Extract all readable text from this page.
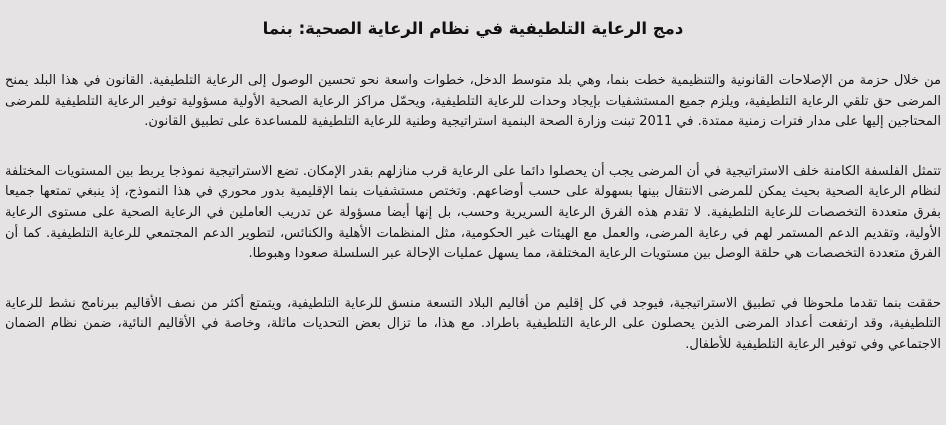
دمج الرعاية التلطيفية في نظام الرعاية الصحية: بنما

من خلال حزمة من الإصلاحات القانونية والتنظيمية خطت بنما، وهي بلد متوسط الدخل، خطوات واسعة نحو تحسين الوصول إلى الرعاية التلطيفية. القانون في هذا البلد يمنح المرضى حق تلقي الرعاية التلطيفية، ويلزم جميع المستشفيات بإيجاد وحدات للرعاية التلطيفية، ويحمّل مراكز الرعاية الصحية الأولية مسؤولية توفير الرعاية التلطيفية للمرضى المحتاجين إليها على مدار فترات زمنية ممتدة. في 2011 تبنت وزارة الصحة البنمية استراتيجية وطنية للرعاية التلطيفية للمساعدة على تطبيق القانون.

تتمثل الفلسفة الكامنة خلف الاستراتيجية في أن المرضى يجب أن يحصلوا دائما على الرعاية قرب منازلهم بقدر الإمكان. تضع الاستراتيجية نموذجا يربط بين المستويات المختلفة لنظام الرعاية الصحية بحيث يمكن للمرضى الانتقال بينها بسهولة على حسب أوضاعهم. وتختص مستشفيات بنما الإقليمية بدور محوري في هذا النموذج، إذ ينبغي تمتعها جميعا بفرق متعددة التخصصات للرعاية التلطيفية. لا تقدم هذه الفرق الرعاية السريرية وحسب، بل إنها أيضا مسؤولة عن تدريب العاملين في الرعاية الصحية على مستوى الرعاية الأولية، وتقديم الدعم المستمر لهم في رعاية المرضى، والعمل مع الهيئات غير الحكومية، مثل المنظمات الأهلية والكنائس، لتطوير الدعم المجتمعي للرعاية التلطيفية. كما أن الفرق متعددة التخصصات هي حلقة الوصل بين مستويات الرعاية المختلفة، مما يسهل عمليات الإحالة عبر السلسلة صعودا وهبوطا.

حققت بنما تقدما ملحوظا في تطبيق الاستراتيجية، فيوجد في كل إقليم من أقاليم البلاد التسعة منسق للرعاية التلطيفية، ويتمتع أكثر من نصف الأقاليم ببرنامج نشط للرعاية التلطيفية، وقد ارتفعت أعداد المرضى الذين يحصلون على الرعاية التلطيفية باطراد. مع هذا، ما تزال بعض التحديات ماثلة، وخاصة في الأقاليم النائية، ضمن نظام الضمان الاجتماعي وفي توفير الرعاية التلطيفية للأطفال.
